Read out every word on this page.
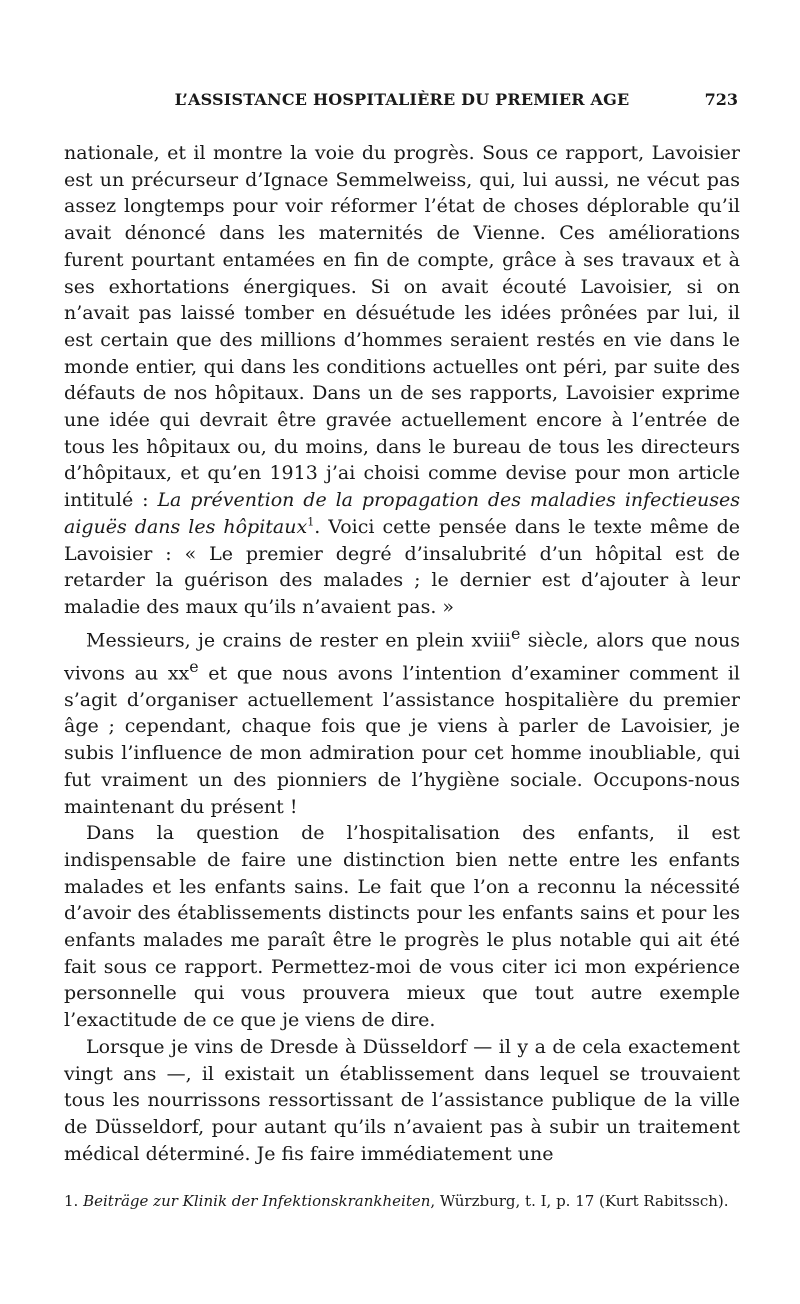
L’ASSISTANCE HOSPITALIÈRE DU PREMIER AGE	723

nationale, et il montre la voie du progrès. Sous ce rapport, Lavoisier est un précurseur d’Ignace Semmelweiss, qui, lui aussi, ne vécut pas assez longtemps pour voir réformer l’état de choses déplorable qu’il avait dénoncé dans les maternités de Vienne. Ces améliorations furent pourtant entamées en fin de compte, grâce à ses travaux et à ses exhortations énergiques. Si on avait écouté Lavoisier, si on n’avait pas laissé tomber en désuétude les idées prônées par lui, il est certain que des millions d’hommes seraient restés en vie dans le monde entier, qui dans les conditions actuelles ont péri, par suite des défauts de nos hôpitaux. Dans un de ses rapports, Lavoisier exprime une idée qui devrait être gravée actuellement encore à l’entrée de tous les hôpitaux ou, du moins, dans le bureau de tous les directeurs d’hôpitaux, et qu’en 1913 j’ai choisi comme devise pour mon article intitulé : La prévention de la propagation des maladies infectieuses aiguës dans les hôpitaux$^1$. Voici cette pensée dans le texte même de Lavoisier : « Le premier degré d’insalubrité d’un hôpital est de retarder la guérison des malades ; le dernier est d’ajouter à leur maladie des maux qu’ils n’avaient pas. »

Messieurs, je crains de rester en plein xviii$^e$ siècle, alors que nous vivons au $xx^e$ et que nous avons l’intention d’examiner comment il s’agit d’organiser actuellement l’assistance hospitalière du premier âge ; cependant, chaque fois que je viens à parler de Lavoisier, je subis l’influence de mon admiration pour cet homme inoubliable, qui fut vraiment un des pionniers de l’hygiène sociale. Occupons-nous maintenant du présent !

Dans la question de l’hospitalisation des enfants, il est indispensable de faire une distinction bien nette entre les enfants malades et les enfants sains. Le fait que l’on a reconnu la nécessité d’avoir des établissements distincts pour les enfants sains et pour les enfants malades me paraît être le progrès le plus notable qui ait été fait sous ce rapport. Permettez-moi de vous citer ici mon expérience personnelle qui vous prouvera mieux que tout autre exemple l’exactitude de ce que je viens de dire.

Lorsque je vins de Dresde à Düsseldorf — il y a de cela exactement vingt ans —, il existait un établissement dans lequel se trouvaient tous les nourrissons ressortissant de l’assistance publique de la ville de Düsseldorf, pour autant qu’ils n’avaient pas à subir un traitement médical déterminé. Je fis faire immédiatement une

1. Beiträge zur Klinik der Infektionskrankheiten, Würzburg, t. I, p. 17 (Kurt Rabitssch).
